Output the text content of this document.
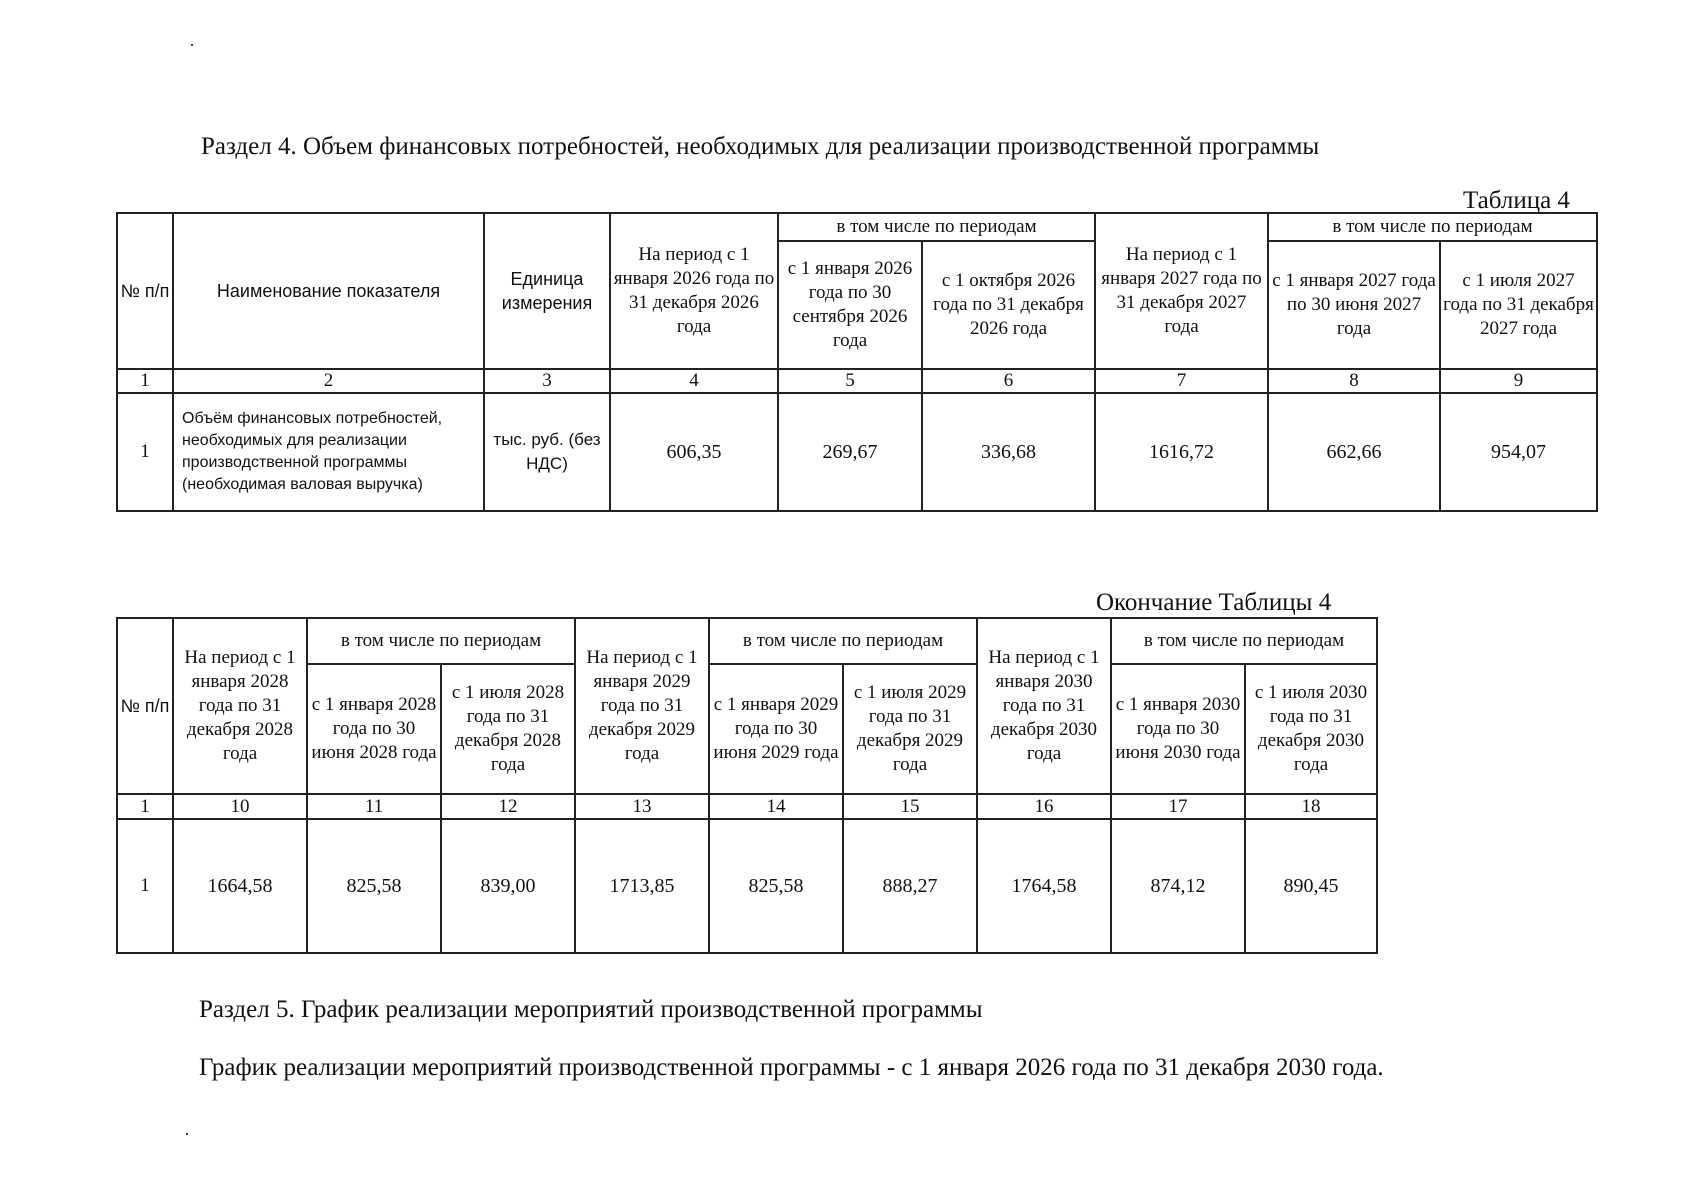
Раздел 4. Объем финансовых потребностей, необходимых для реализации производственной программы
Таблица 4
№ п/п	Наименование показателя	Единица измерения	На период с 1 января 2026 года по 31 декабря 2026 года	в том числе по периодам		На период с 1 января 2027 года по 31 декабря 2027 года	в том числе по периодам	
				с 1 января 2026 года по 30 сентября 2026 года	с 1 октября 2026 года по 31 декабря 2026 года		с 1 января 2027 года по 30 июня 2027 года	с 1 июля 2027 года по 31 декабря 2027 года
1	2	3	4	5	6	7	8	9
1	Объём финансовых потребностей, необходимых для реализации производственной программы (необходимая валовая выручка)	тыс. руб. (без НДС)	606,35	269,67	336,68	1616,72	662,66	954,07
Окончание Таблицы 4
№ п/п	На период с 1 января 2028 года по 31 декабря 2028 года	в том числе по периодам		На период с 1 января 2029 года по 31 декабря 2029 года	в том числе по периодам		На период с 1 января 2030 года по 31 декабря 2030 года	в том числе по периодам	
		с 1 января 2028 года по 30 июня 2028 года	с 1 июля 2028 года по 31 декабря 2028 года		с 1 января 2029 года по 30 июня 2029 года	с 1 июля 2029 года по 31 декабря 2029 года		с 1 января 2030 года по 30 июня 2030 года	с 1 июля 2030 года по 31 декабря 2030 года
1	10	11	12	13	14	15	16	17	18
1	1664,58	825,58	839,00	1713,85	825,58	888,27	1764,58	874,12	890,45
Раздел 5. График реализации мероприятий производственной программы
График реализации мероприятий производственной программы - с 1 января 2026 года по 31 декабря 2030 года.
